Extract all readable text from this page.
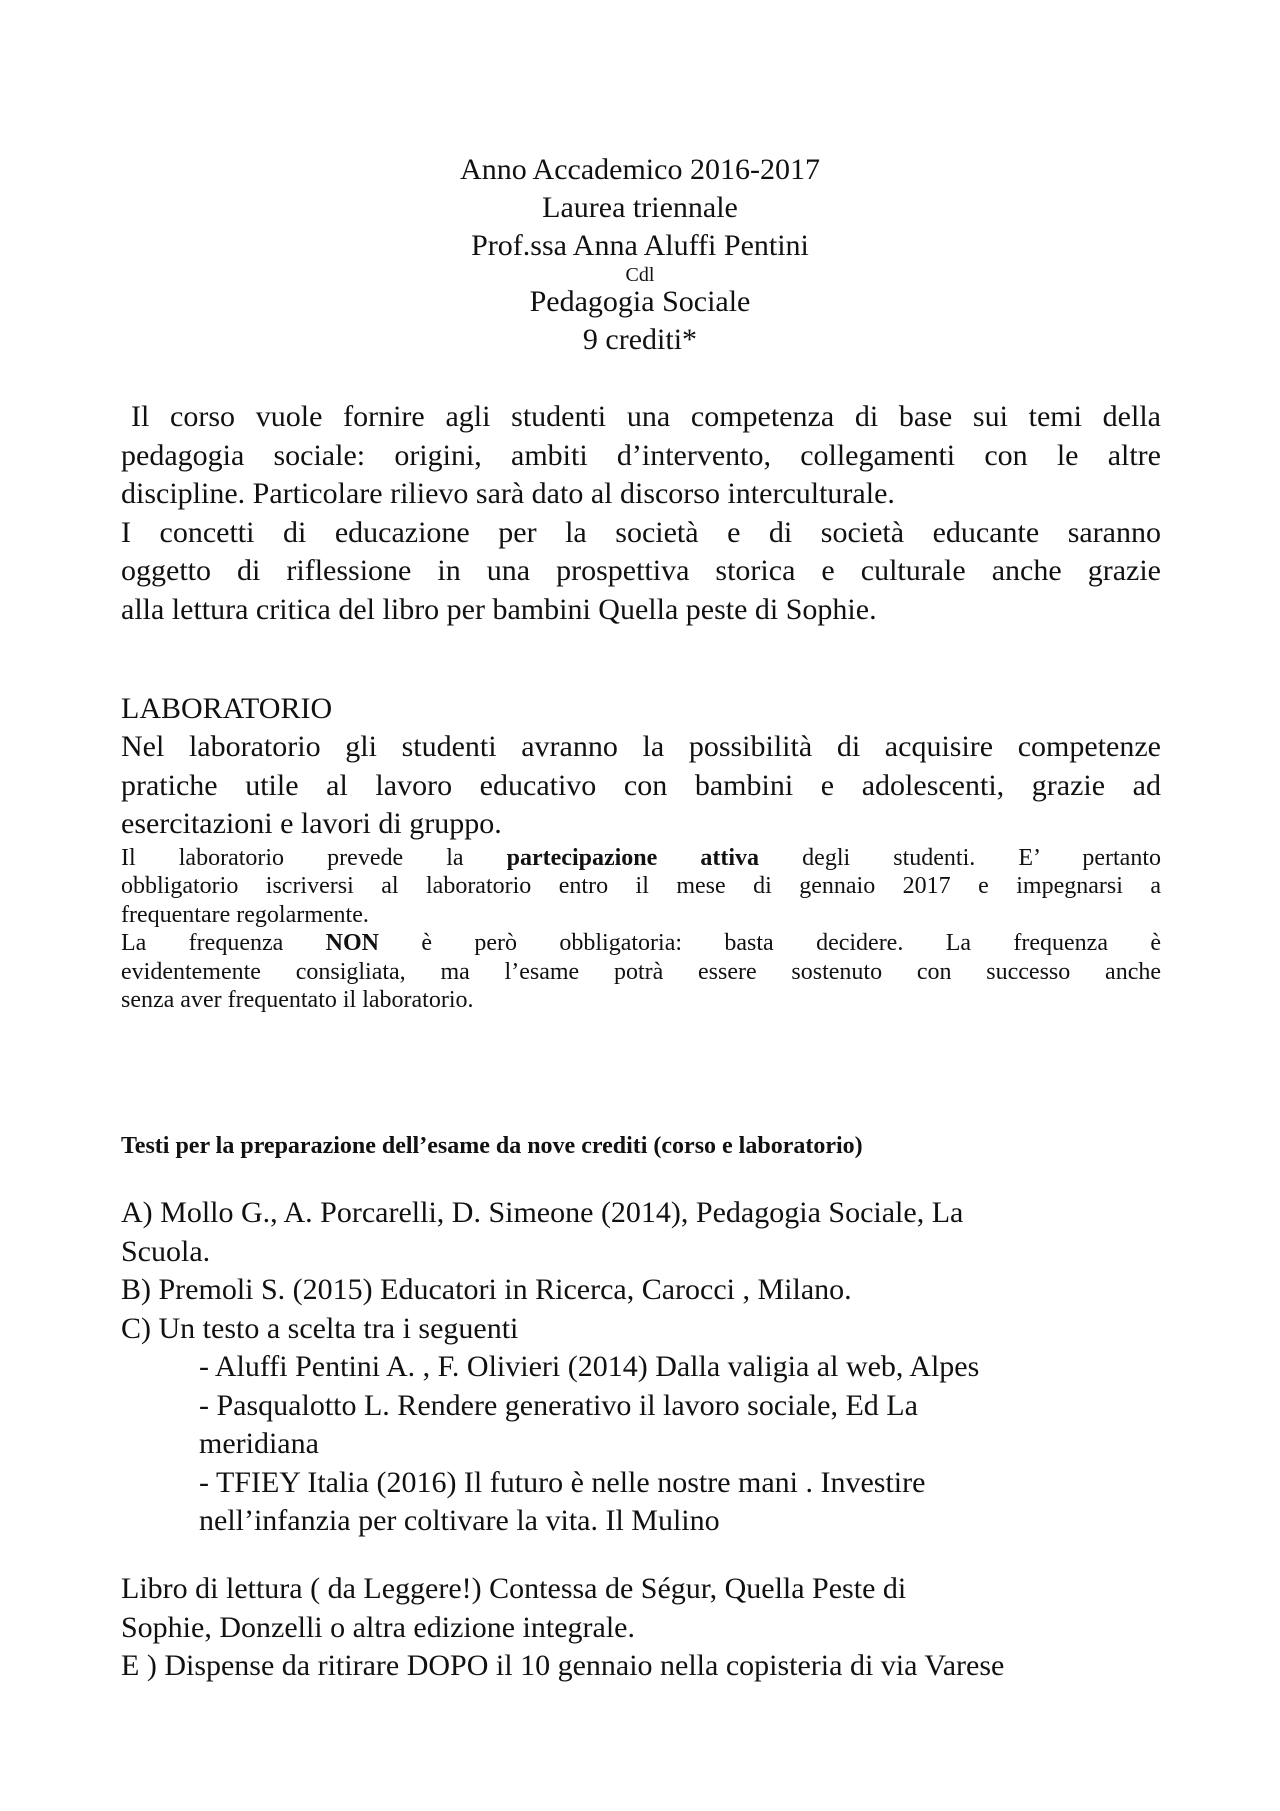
Anno Accademico 2016-2017
Laurea triennale
Prof.ssa Anna Aluffi Pentini
Cdl
Pedagogia Sociale
9 crediti*
Il corso vuole fornire agli studenti una competenza di base sui temi della
pedagogia sociale: origini, ambiti d’intervento, collegamenti con le altre
discipline. Particolare rilievo sarà dato al discorso interculturale.
I concetti di educazione per la società e di società educante saranno
oggetto di riflessione in una prospettiva storica e culturale anche grazie
alla lettura critica del libro per bambini Quella peste di Sophie.
LABORATORIO
Nel laboratorio gli studenti avranno la possibilità di acquisire competenze
pratiche utile al lavoro educativo con bambini e adolescenti, grazie ad
esercitazioni e lavori di gruppo.
Il laboratorio prevede la partecipazione attiva degli studenti. E’ pertanto
obbligatorio iscriversi al laboratorio entro il mese di gennaio 2017 e impegnarsi a
frequentare regolarmente.
La frequenza NON è però obbligatoria: basta decidere. La frequenza è
evidentemente consigliata, ma l’esame potrà essere sostenuto con successo anche
senza aver frequentato il laboratorio.
Testi per la preparazione dell’esame da nove crediti (corso e laboratorio)

A) Mollo G., A. Porcarelli, D. Simeone (2014), Pedagogia Sociale, La

Scuola.

B) Premoli S. (2015) Educatori in Ricerca, Carocci , Milano.

C) Un testo a scelta tra i seguenti

- Aluffi Pentini A. , F. Olivieri (2014) Dalla valigia al web, Alpes

- Pasqualotto L. Rendere generativo il lavoro sociale, Ed La

meridiana

- TFIEY Italia (2016) Il futuro è nelle nostre mani . Investire

nell’infanzia per coltivare la vita. Il Mulino

Libro di lettura ( da Leggere!) Contessa de Ségur, Quella Peste di

Sophie, Donzelli o altra edizione integrale.

E ) Dispense da ritirare DOPO il 10 gennaio nella copisteria di via Varese
